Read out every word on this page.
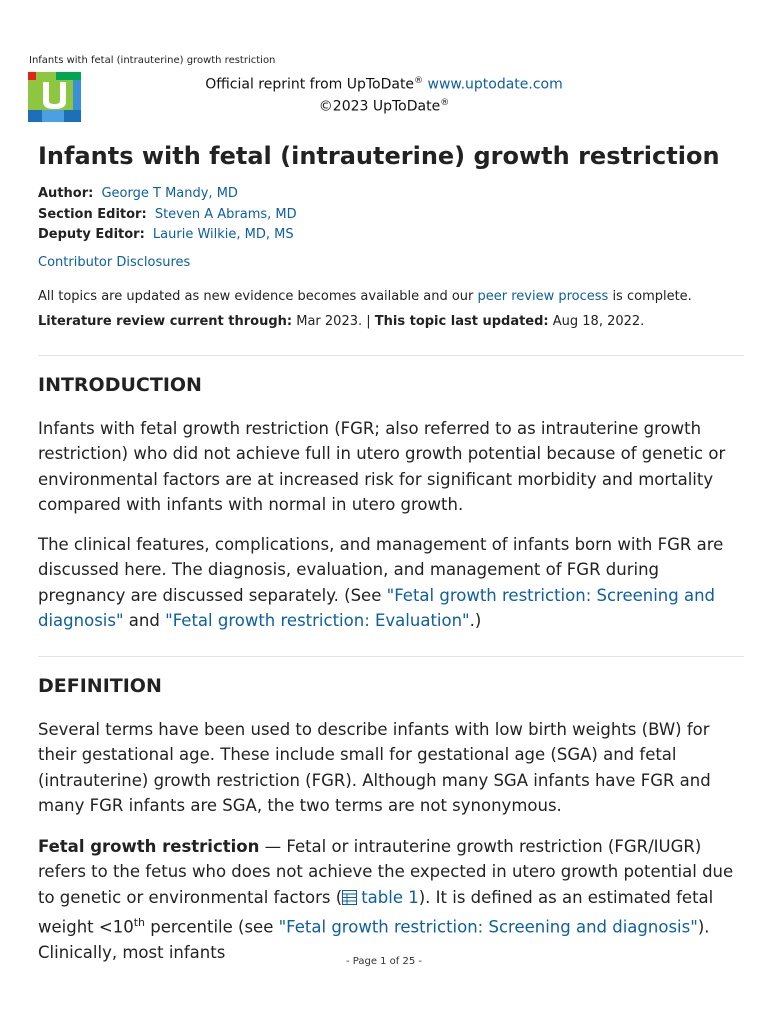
Infants with fetal (intrauterine) growth restriction
Official reprint from UpToDate® www.uptodate.com
©2023 UpToDate®
Infants with fetal (intrauterine) growth restriction
Author: George T Mandy, MD
Section Editor: Steven A Abrams, MD
Deputy Editor: Laurie Wilkie, MD, MS
Contributor Disclosures
All topics are updated as new evidence becomes available and our peer review process is complete.
Literature review current through: Mar 2023. | This topic last updated: Aug 18, 2022.
INTRODUCTION

Infants with fetal growth restriction (FGR; also referred to as intrauterine growth restriction) who did not achieve full in utero growth potential because of genetic or environmental factors are at increased risk for significant morbidity and mortality compared with infants with normal in utero growth.

The clinical features, complications, and management of infants born with FGR are discussed here. The diagnosis, evaluation, and management of FGR during pregnancy are discussed separately. (See "Fetal growth restriction: Screening and diagnosis" and "Fetal growth restriction: Evaluation".)

DEFINITION

Several terms have been used to describe infants with low birth weights (BW) for their gestational age. These include small for gestational age (SGA) and fetal (intrauterine) growth restriction (FGR). Although many SGA infants have FGR and many FGR infants are SGA, the two terms are not synonymous.

Fetal growth restriction — Fetal or intrauterine growth restriction (FGR/IUGR) refers to the fetus who does not achieve the expected in utero growth potential due to genetic or environmental factors ( table 1). It is defined as an estimated fetal weight <10th percentile (see "Fetal growth restriction: Screening and diagnosis"). Clinically, most infants	- Page 1 of 25 -
